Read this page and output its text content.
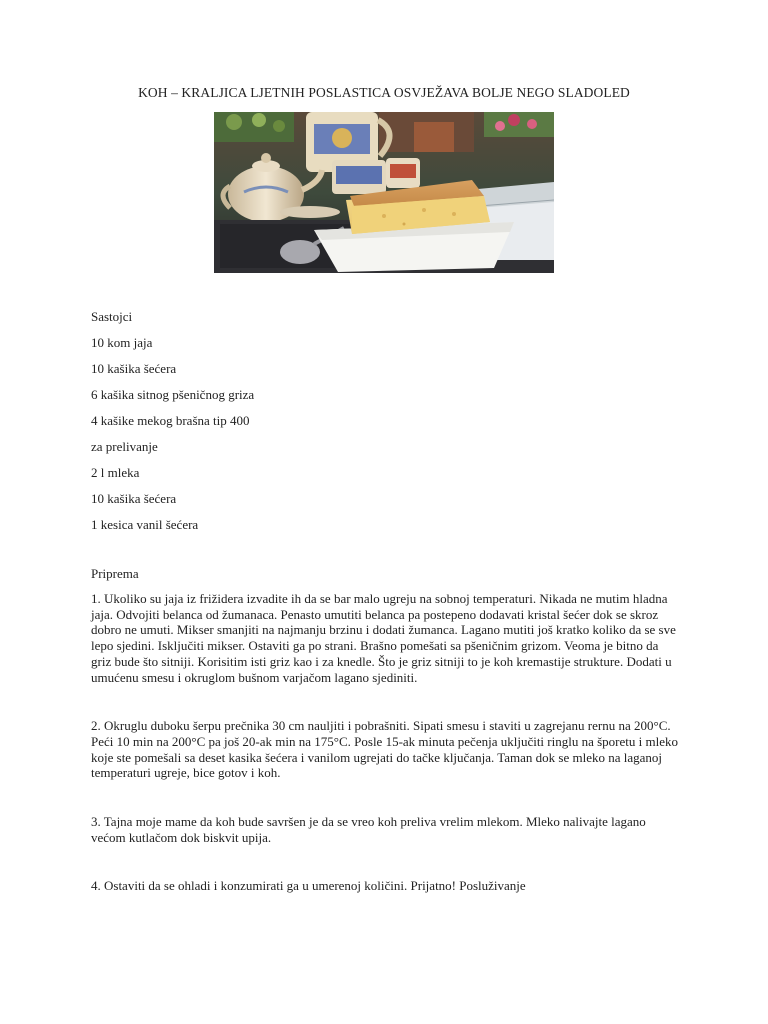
KOH – KRALJICA LJETNIH POSLASTICA OSVJEŽAVA BOLJE NEGO SLADOLED
Sastojci
10 kom jaja
10 kašika šećera
6 kašika sitnog pšeničnog griza
4 kašike mekog brašna tip 400
za prelivanje
2 l mleka
10 kašika šećera
1 kesica vanil šećera
Priprema

1. Ukoliko su jaja iz frižidera izvadite ih da se bar malo ugreju na sobnoj temperaturi. Nikada ne mutim hladna jaja. Odvojiti belanca od žumanaca. Penasto umutiti belanca pa postepeno dodavati kristal šećer dok se skroz dobro ne umuti. Mikser smanjiti na najmanju brzinu i dodati žumanca. Lagano mutiti još kratko koliko da se sve lepo sjedini. Isključiti mikser. Ostaviti ga po strani. Brašno pomešati sa pšeničnim grizom. Veoma je bitno da griz bude što sitniji. Korisitim isti griz kao i za knedle. Što je griz sitniji to je koh kremastije strukture. Dodati u umućenu smesu i okruglom bušnom varjačom lagano sjediniti.

2. Okruglu duboku šerpu prečnika 30 cm nauljiti i pobrašniti. Sipati smesu i staviti u zagrejanu rernu na 200°C. Peći 10 min na 200°C pa još 20-ak min na 175°C. Posle 15-ak minuta pečenja uključiti ringlu na šporetu i mleko koje ste pomešali sa deset kasika šećera i vanilom ugrejati do tačke ključanja. Taman dok se mleko na laganoj temperaturi ugreje, bice gotov i koh.

3. Tajna moje mame da koh bude savršen je da se vreo koh preliva vrelim mlekom. Mleko nalivajte lagano većom kutlačom dok biskvit upija.

4. Ostaviti da se ohladi i konzumirati ga u umerenoj količini. Prijatno! Posluživanje
